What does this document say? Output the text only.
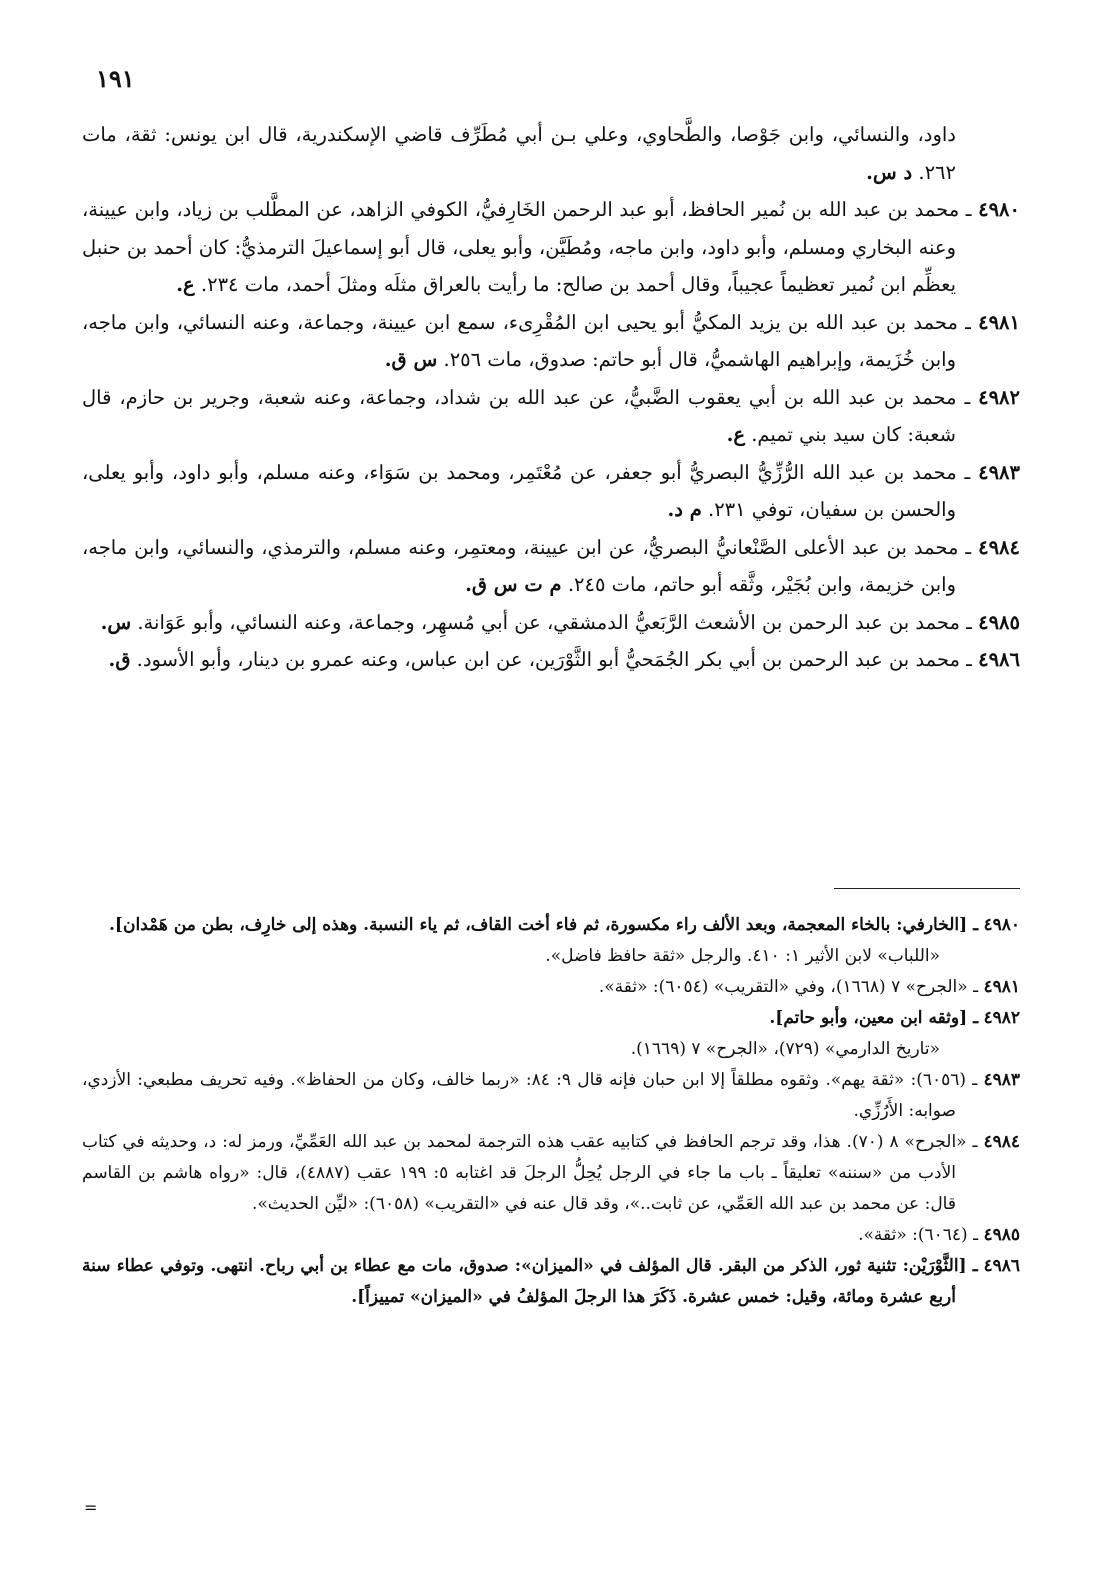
١٩١

داود، والنسائي، وابن جَوْصا، والطَّحاوي، وعلي بـن أبي مُطَرِّف قاضي الإسكندرية، قال ابن يونس: ثقة، مات ٢٦٢. د س.

٤٩٨٠ ـ محمد بن عبد الله بن نُمير الحافظ، أبو عبد الرحمن الخَارِفيُّ، الكوفي الزاهد، عن المطَّلب بن زياد، وابن عيينة، وعنه البخاري ومسلم، وأبو داود، وابن ماجه، ومُطَيَّن، وأبو يعلى، قال أبو إسماعيلَ الترمذيُّ: كان أحمد بن حنبل يعظِّم ابن نُمير تعظيماً عجيباً، وقال أحمد بن صالح: ما رأيت بالعراق مثلَه ومثلَ أحمد، مات ٢٣٤. ع.

٤٩٨١ ـ محمد بن عبد الله بن يزيد المكيُّ أبو يحيى ابن المُقْرِىء، سمع ابن عيينة، وجماعة، وعنه النسائي، وابن ماجه، وابن خُزَيمة، وإبراهيم الهاشميُّ، قال أبو حاتم: صدوق، مات ٢٥٦. س ق.

٤٩٨٢ ـ محمد بن عبد الله بن أبي يعقوب الضَّبيُّ، عن عبد الله بن شداد، وجماعة، وعنه شعبة، وجرير بن حازم، قال شعبة: كان سيد بني تميم. ع.

٤٩٨٣ ـ محمد بن عبد الله الرُّزِّيُّ البصريُّ أبو جعفر، عن مُعْتَمِر، ومحمد بن سَوَاء، وعنه مسلم، وأبو داود، وأبو يعلى، والحسن بن سفيان، توفي ٢٣١. م د.

٤٩٨٤ ـ محمد بن عبد الأعلى الصَّنْعانيُّ البصريُّ، عن ابن عيينة، ومعتمِر، وعنه مسلم، والترمذي، والنسائي، وابن ماجه، وابن خزيمة، وابن بُجَيْر، وثَّقه أبو حاتم، مات ٢٤٥. م ت س ق.

٤٩٨٥ ـ محمد بن عبد الرحمن بن الأشعث الرَّبَعيُّ الدمشقي، عن أبي مُسهِر، وجماعة، وعنه النسائي، وأبو عَوَانة. س.

٤٩٨٦ ـ محمد بن عبد الرحمن بن أبي بكر الجُمَحيُّ أبو الثَّوْرَين، عن ابن عباس، وعنه عمرو بن دينار، وأبو الأسود. ق.

٤٩٨٠ ـ [الخارفي: بالخاء المعجمة، وبعد الألف راء مكسورة، ثم فاء أخت القاف، ثم ياء النسبة. وهذه إلى خارِف، بطن من هَمْدان].

«اللباب» لابن الأثير ١: ٤١٠. والرجل «ثقة حافظ فاضل».

٤٩٨١ ـ «الجرح» ٧ (١٦٦٨)، وفي «التقريب» (٦٠٥٤): «ثقة».

٤٩٨٢ ـ [وثقه ابن معين، وأبو حاتم].

«تاريخ الدارمي» (٧٢٩)، «الجرح» ٧ (١٦٦٩).

٤٩٨٣ ـ (٦٠٥٦): «ثقة يهم». وثقوه مطلقاً إلا ابن حبان فإنه قال ٩: ٨٤: «ربما خالف، وكان من الحفاظ». وفيه تحريف مطبعي: الأزدي، صوابه: الأَرُزِّي.

٤٩٨٤ ـ «الجرح» ٨ (٧٠). هذا، وقد ترجم الحافظ في كتابيه عقب هذه الترجمة لمحمد بن عبد الله العَمِّيِّ، ورمز له: د، وحديثه في كتاب الأدب من «سننه» تعليقاً ـ باب ما جاء في الرجل يُحِلُّ الرجلَ قد اغتابه ٥: ١٩٩ عقب (٤٨٨٧)، قال: «رواه هاشم بن القاسم قال: عن محمد بن عبد الله العَمِّي، عن ثابت..»، وقد قال عنه في «التقريب» (٦٠٥٨): «ليِّن الحديث».

٤٩٨٥ ـ (٦٠٦٤): «ثقة».

٤٩٨٦ ـ [الثَّوْرَيْن: تثنية ثور، الذكر من البقر. قال المؤلف في «الميزان»: صدوق، مات مع عطاء بن أبي رباح. انتهى. وتوفي عطاء سنة أربع عشرة ومائة، وقيل: خمس عشرة. ذَكَرَ هذا الرجلَ المؤلفُ في «الميزان» تمييزاً].

=
